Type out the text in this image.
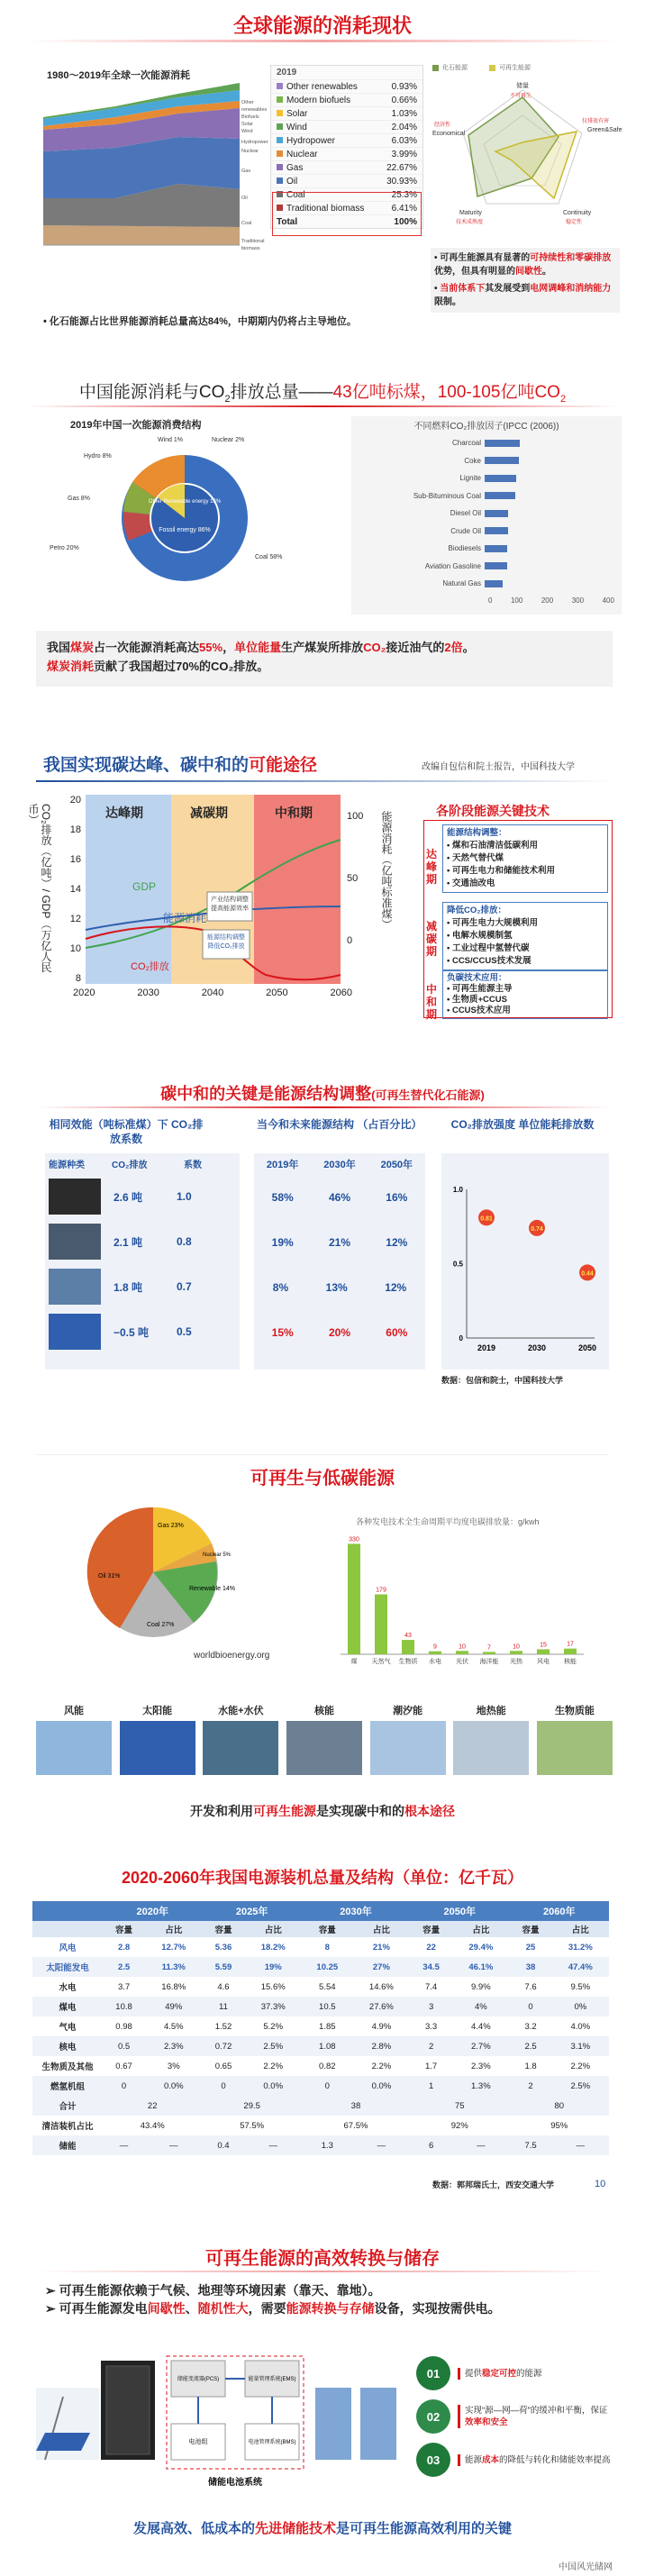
全球能源的消耗现状
1980～2019年全球一次能源消耗
Other renewables
Biofuels
Solar
Wind
Hydropower
Nuclear
Gas
Oil
Coal
Traditional biomass
2019
Other renewables	0.93%
Modern biofuels	0.66%
Solar	1.03%
Wind	2.04%
Hydropower	6.03%
Nuclear	3.99%
Gas	22.67%
Oil	30.93%
Coal	25.3%
Traditional biomass	6.41%
Total	100%
化石能源	可再生能源
储量
Green&Safe
Continuity
Maturity
Economical
不可再生
仅排放有害
稳定性
技术成熟度
经济性
• 化石能源占比世界能源消耗总量高达84%，中期期内仍将占主导地位。
• 可再生能源具有显著的可持续性和零碳排放优势，但具有明显的间歇性。
• 当前体系下其发展受到电网调峰和消纳能力限制。
中国能源消耗与$CO_2$排放总量——43亿吨标煤，100-105亿吨$CO_2$
2019年中国一次能源消费结构
Fossil energy 86%
Other Renewable energy 13%
Coal 58%
Petro 20%
Gas 8%
Hydro 8%
Wind 1%	Nuclear 2%
不同燃料CO₂排放因子(IPCC (2006))
Charcoal
Coke
Lignite
Sub-Bituminous Coal
Diesel Oil
Crude Oil
Biodiesels
Aviation Gasoline
Natural Gas
0	100	200	300	400
我国煤炭占一次能源消耗高达55%，单位能量生产煤炭所排放CO₂接近油气的2倍。
煤炭消耗贡献了我国超过70%的CO₂排放。
我国实现碳达峰、碳中和的可能途径	改编自包信和院士报告，中国科技大学
达峰期	减碳期	中和期
GDP
能源消耗
CO₂排放
产业结构调整 提高能源效率
能源结构调整 降低CO₂排放
2020	2030	2040	2050	2060
20
18
16
14
12
10
8
CO₂排放（亿吨）/ GDP（万亿人民币）	100
50
0
能源消耗（亿吨标准煤）	各阶段能源关键技术
达峰期
减碳期
中和期
能源结构调整：
• 煤和石油清洁低碳利用
• 天然气替代煤
• 可再生电力和储能技术利用
• 交通油改电
降低CO₂排放：
• 可再生电力大规模利用
• 电解水规模制氢
• 工业过程中氢替代碳
• CCS/CCUS技术发展
负碳技术应用：
• 可再生能源主导
• 生物质+CCUS
• CCUS技术应用
碳中和的关键是能源结构调整(可再生替代化石能源)
相同效能（吨标准煤）下 CO₂排放系数
当今和未来能源结构 （占百分比）	CO₂排放强度 单位能耗排放数
能源种类	CO₂排放	系数
2.6 吨	1.0
2.1 吨	0.8
1.8 吨	0.7
−0.5 吨	0.5
2019年	2030年	2050年
58%	46%	16%
19%	21%	12%
8%	13%	12%
15%	20%	60%
1.0
0.5
0
2019
0.81
2030
0.74
2050
0.44
数据：包信和院士，中国科技大学
可再生与低碳能源
Gas 23%
Nuclear 5%
Renewable 14%
Coal 27%
Oil 31%
worldbioenergy.org
各种发电技术全生命周期平均度电碳排放量：g/kwh
330
煤
179
天然气
43
生物质
9
水电
10
光伏
7
海洋能
10
光热
15
风电
17
核能
风能	太阳能	水能+水伏	核能	潮汐能	地热能	生物质能
开发和利用可再生能源是实现碳中和的根本途径
2020-2060年我国电源装机总量及结构（单位：亿千瓦）
	2020年		2025年		2030年		2050年		2060年	
	容量	占比	容量	占比	容量	占比	容量	占比	容量	占比
风电	2.8	12.7%	5.36	18.2%	8	21%	22	29.4%	25	31.2%
太阳能发电	2.5	11.3%	5.59	19%	10.25	27%	34.5	46.1%	38	47.4%
水电	3.7	16.8%	4.6	15.6%	5.54	14.6%	7.4	9.9%	7.6	9.5%
煤电	10.8	49%	11	37.3%	10.5	27.6%	3	4%	0	0%
气电	0.98	4.5%	1.52	5.2%	1.85	4.9%	3.3	4.4%	3.2	4.0%
核电	0.5	2.3%	0.72	2.5%	1.08	2.8%	2	2.7%	2.5	3.1%
生物质及其他	0.67	3%	0.65	2.2%	0.82	2.2%	1.7	2.3%	1.8	2.2%
燃氢机组	0	0.0%	0	0.0%	0	0.0%	1	1.3%	2	2.5%
合计	22		29.5		38		75		80	
清洁装机占比	43.4%		57.5%		67.5%		92%		95%	
储能	—	—	0.4	—	1.3	—	6	—	7.5	—
数据：郭邦瑞氏士，西安交通大学	10
可再生能源的高效转换与储存
➢ 可再生能源依赖于气候、地理等环境因素（靠天、靠地）。
➢ 可再生能源发电间歇性、随机性大，需要能源转换与存储设备，实现按需供电。
储能变流器(PCS)	能量管理系统(EMS)
电池组	电池管理系统(BMS)
储能电池系统
01	提供稳定可控的能源
02	实现“源—网—荷”的缓冲和平衡，保证效率和安全
03	能源成本的降低与转化和储能效率提高
发展高效、低成本的先进储能技术是可再生能源高效利用的关键
中国风光储网
